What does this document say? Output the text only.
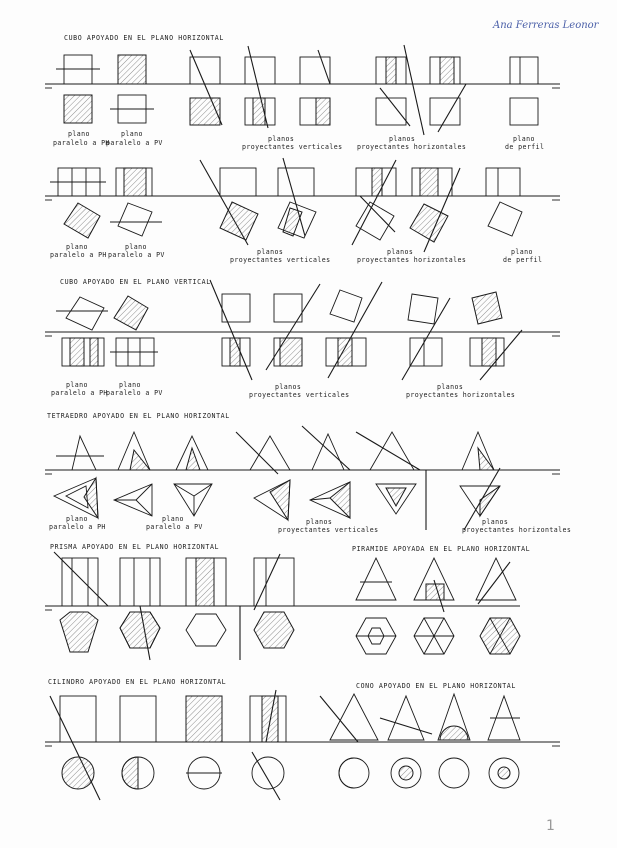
Ana Ferreras Leonor
CUBO APOYADO EN EL PLANO HORIZONTAL
plano
paralelo a PH
plano
paralelo a PV	planos
proyectantes verticales
planos
proyectantes horizontales
plano
de perfil
plano
paralelo a PH
plano
paralelo a PV	planos
proyectantes verticales
planos
proyectantes horizontales
plano
de perfil
CUBO APOYADO EN EL PLANO VERTICAL
plano
paralelo a PH
plano
paralelo a PV
planos
proyectantes verticales
planos
proyectantes horizontales
TETRAEDRO APOYADO EN EL PLANO HORIZONTAL
plano
paralelo a PH
plano
paralelo a PV
planos
proyectantes verticales
planos
proyectantes horizontales
PRISMA APOYADO EN EL PLANO HORIZONTAL	PIRAMIDE APOYADA EN EL PLANO HORIZONTAL
CILINDRO APOYADO EN EL PLANO HORIZONTAL	CONO APOYADO EN EL PLANO HORIZONTAL
1
